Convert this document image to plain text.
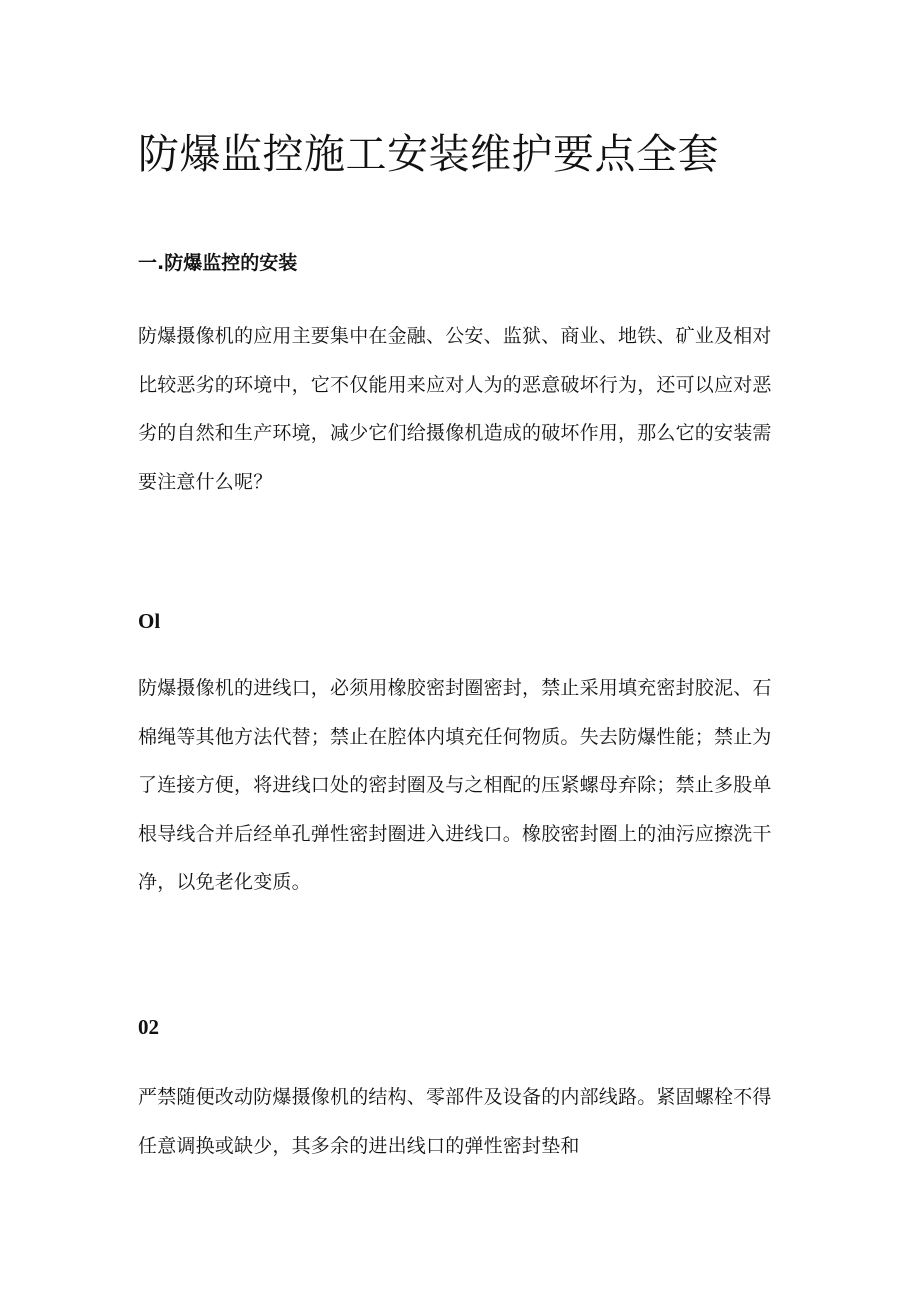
防爆监控施工安装维护要点全套
一.防爆监控的安装

防爆摄像机的应用主要集中在金融、公安、监狱、商业、地铁、矿业及相对比较恶劣的环境中，它不仅能用来应对人为的恶意破坏行为，还可以应对恶劣的自然和生产环境，减少它们给摄像机造成的破坏作用，那么它的安装需要注意什么呢？

Ol

防爆摄像机的进线口，必须用橡胶密封圈密封，禁止采用填充密封胶泥、石棉绳等其他方法代替；禁止在腔体内填充任何物质。失去防爆性能；禁止为了连接方便，将进线口处的密封圈及与之相配的压紧螺母弃除；禁止多股单根导线合并后经单孔弹性密封圈进入进线口。橡胶密封圈上的油污应擦洗干净，以免老化变质。

02

严禁随便改动防爆摄像机的结构、零部件及设备的内部线路。紧固螺栓不得任意调换或缺少，其多余的进出线口的弹性密封垫和
